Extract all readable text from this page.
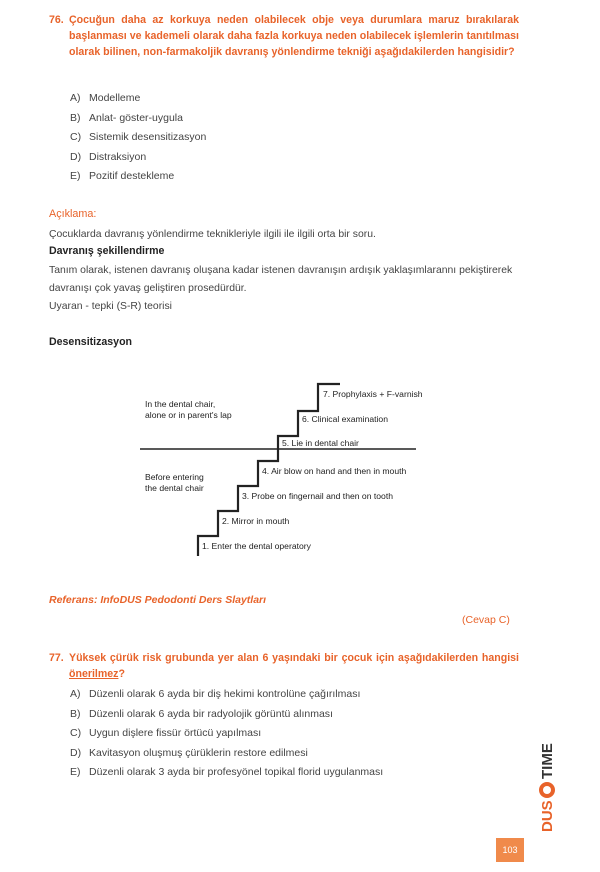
76. Çocuğun daha az korkuya neden olabilecek obje veya durumlara maruz bırakılarak başlanması ve kademeli olarak daha fazla korkuya neden olabilecek işlemlerin tanıtılması olarak bilinen, non-farmakoljik davranış yönlendirme tekniği aşağıdakilerden hangisidir?
A) Modelleme
B) Anlat- göster-uygula
C) Sistemik desensitizasyon
D) Distraksiyon
E) Pozitif destekleme
Açıklama:
Çocuklarda davranış yönlendirme teknikleriyle ilgili ile ilgili orta bir soru.
Davranış şekillendirme
Tanım olarak, istenen davranış oluşana kadar istenen davranışın ardışık yaklaşımlarannı pekiştirerek davranışı çok yavaş geliştiren prosedürdür.
Uyaran - tepki (S-R) teorisi
Desensitizasyon
In the dental chair,
alone or in parent's lap
Before entering
the dental chair
1. Enter the dental operatory
2. Mirror in mouth
3. Probe on fingernail and then on tooth
4. Air blow on hand and then in mouth
5. Lie in dental chair
6. Clinical examination
7. Prophylaxis + F-varnish
Referans: InfoDUS Pedodonti Ders Slaytları
(Cevap C)
77. Yüksek çürük risk grubunda yer alan 6 yaşındaki bir çocuk için aşağıdakilerden hangisi önerilmez?
A) Düzenli olarak 6 ayda bir diş hekimi kontrolüne çağırılması
B) Düzenli olarak 6 ayda bir radyolojik görüntü alınması
C) Uygun dişlere fissür örtücü yapılması
D) Kavitasyon oluşmuş çürüklerin restore edilmesi
E) Düzenli olarak 3 ayda bir profesyönel topikal florid uygulanması
DUS
TIME
103
